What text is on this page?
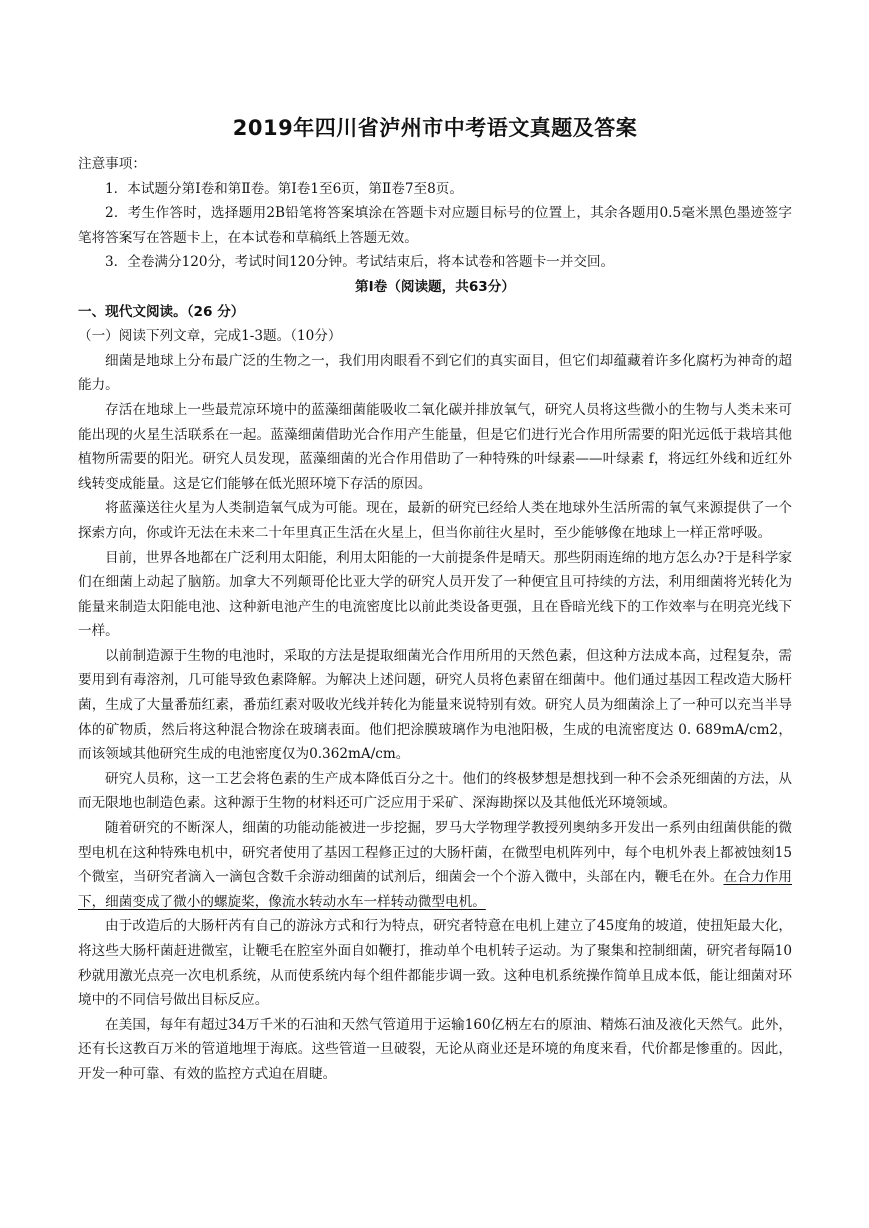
2019年四川省泸州市中考语文真题及答案

注意事项：

1．本试题分第Ⅰ卷和第Ⅱ卷。第Ⅰ卷1至6页，第Ⅱ卷7至8页。

2．考生作答时，选择题用2B铅笔将答案填涂在答题卡对应题目标号的位置上，其余各题用0.5毫米黑色墨迹签字笔将答案写在答题卡上，在本试卷和草稿纸上答题无效。

3．全卷满分120分，考试时间120分钟。考试结束后，将本试卷和答题卡一并交回。

第Ⅰ卷（阅读题，共63分）

一、现代文阅读。（26 分）

（一）阅读下列文章，完成1-3题。（10分）

细菌是地球上分布最广泛的生物之一，我们用肉眼看不到它们的真实面目，但它们却蕴藏着许多化腐朽为神奇的超能力。

存活在地球上一些最荒凉环境中的蓝藻细菌能吸收二氧化碳并排放氧气，研究人员将这些微小的生物与人类未来可能出现的火星生活联系在一起。蓝藻细菌借助光合作用产生能量，但是它们进行光合作用所需要的阳光远低于栽培其他植物所需要的阳光。研究人员发现，蓝藻细菌的光合作用借助了一种特殊的叶绿素——叶绿素 f，将远红外线和近红外线转变成能量。这是它们能够在低光照环境下存活的原因。

将蓝藻送往火星为人类制造氧气成为可能。现在，最新的研究已经给人类在地球外生活所需的氧气来源提供了一个探索方向，你或许无法在未来二十年里真正生活在火星上，但当你前往火星时，至少能够像在地球上一样正常呼吸。

目前，世界各地都在广泛利用太阳能，利用太阳能的一大前提条件是晴天。那些阴雨连绵的地方怎么办?于是科学家们在细菌上动起了脑筋。加拿大不列颠哥伦比亚大学的研究人员开发了一种便宜且可持续的方法，利用细菌将光转化为能量来制造太阳能电池、这种新电池产生的电流密度比以前此类设备更强，且在昏暗光线下的工作效率与在明亮光线下一样。

以前制造源于生物的电池时，采取的方法是提取细菌光合作用所用的天然色素，但这种方法成本高，过程复杂，需要用到有毒溶剂，几可能导致色素降解。为解决上述问题，研究人员将色素留在细菌中。他们通过基因工程改造大肠杆菌，生成了大量番茄红素，番茄红素对吸收光线并转化为能量来说特别有效。研究人员为细菌涂上了一种可以充当半导体的矿物质，然后将这种混合物涂在玻璃表面。他们把涂膜玻璃作为电池阳极，生成的电流密度达 0. 689mA/cm2，而该领域其他研究生成的电池密度仅为0.362mA/cm。

研究人员称，这一工艺会将色素的生产成本降低百分之十。他们的终极梦想是想找到一种不会杀死细菌的方法，从而无限地也制造色素。这种源于生物的材料还可广泛应用于采矿、深海勘探以及其他低光环境领域。

随着研究的不断深人，细菌的功能动能被进一步挖掘，罗马大学物理学教授列奥纳多开发出一系列由纽菌供能的微型电机在这种特殊电机中，研究者使用了基因工程修正过的大肠杆菌，在微型电机阵列中，每个电机外表上都被蚀刻15个微室，当研究者滴入一滴包含数千余游动细菌的试剂后，细菌会一个个游入微中，头部在内，鞭毛在外。在合力作用下，细菌变成了微小的螺旋桨，像流水转动水车一样转动微型电机。

由于改造后的大肠杆芮有自己的游泳方式和行为特点，研究者特意在电机上建立了45度角的坡道，使扭矩最大化，将这些大肠杆菌赶进微室，让鞭毛在腔室外面自如鞭打，推动单个电机转子运动。为了聚集和控制细菌，研究者每隔10秒就用激光点亮一次电机系统，从而使系统内每个组件都能步调一致。这种电机系统操作简单且成本低，能让细菌对环境中的不同信号做出目标反应。

在美国，每年有超过34万千米的石油和天然气管道用于运输160亿柄左右的原油、精炼石油及液化天然气。此外，还有长这教百万米的管道地埋于海底。这些管道一旦破裂，无论从商业还是环境的角度来看，代价都是惨重的。因此，开发一种可靠、有效的监控方式迫在眉睫。
